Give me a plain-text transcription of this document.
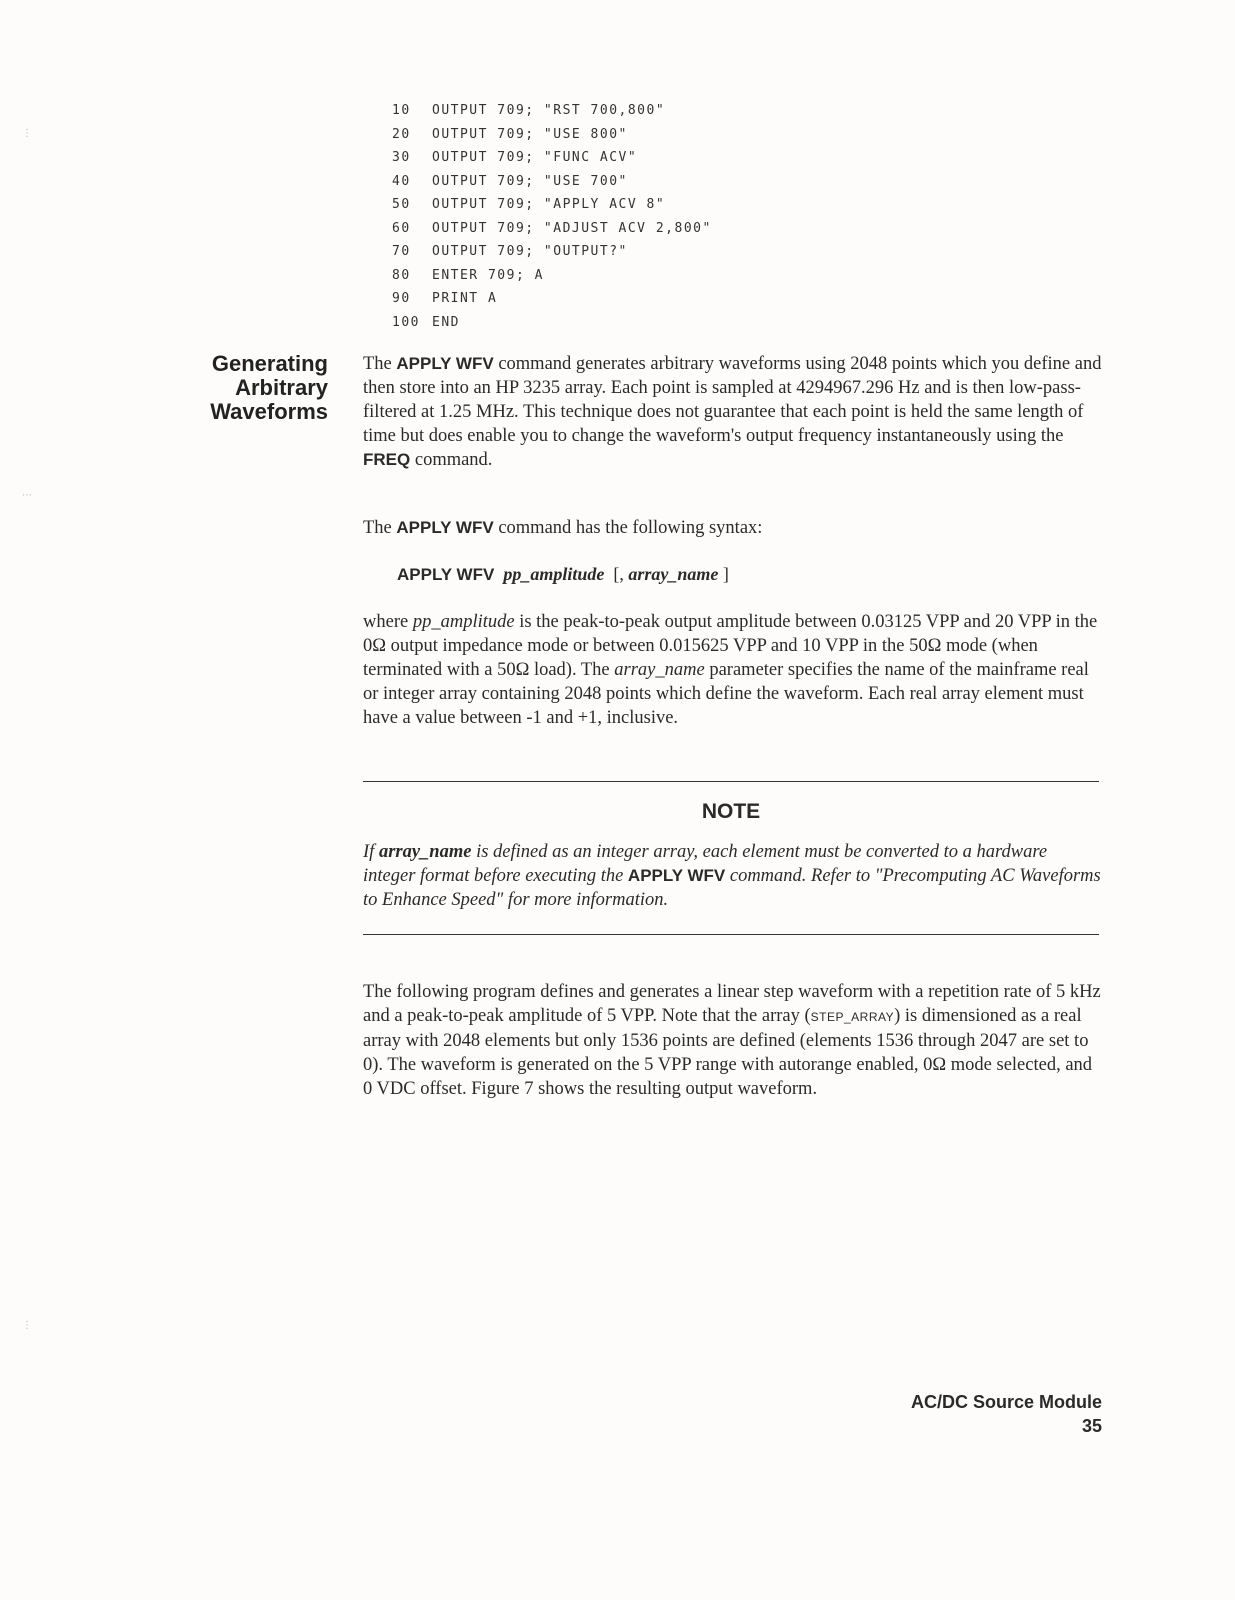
⋮
⋯
⋮
10	OUTPUT 709; "RST 700,800"
20	OUTPUT 709; "USE 800"
30	OUTPUT 709; "FUNC ACV"
40	OUTPUT 709; "USE 700"
50	OUTPUT 709; "APPLY ACV 8"
60	OUTPUT 709; "ADJUST ACV 2,800"
70	OUTPUT 709; "OUTPUT?"
80	ENTER 709; A
90	PRINT A
100 END
Generating
Arbitrary
Waveforms
The APPLY WFV command generates arbitrary waveforms using 2048 points which you define and then store into an HP 3235 array. Each point is sampled at 4294967.296 Hz and is then low-pass-filtered at 1.25 MHz. This technique does not guarantee that each point is held the same length of time but does enable you to change the waveform's output frequency instantaneously using the FREQ command.
The APPLY WFV command has the following syntax:
APPLY WFV pp_amplitude [, array_name ]
where pp_amplitude is the peak-to-peak output amplitude between 0.03125 VPP and 20 VPP in the 0Ω output impedance mode or between 0.015625 VPP and 10 VPP in the 50Ω mode (when terminated with a 50Ω load). The array_name parameter specifies the name of the mainframe real or integer array containing 2048 points which define the waveform. Each real array element must have a value between -1 and +1, inclusive.
NOTE
If array_name is defined as an integer array, each element must be converted to a hardware integer format before executing the APPLY WFV command. Refer to "Precomputing AC Waveforms to Enhance Speed" for more information.
The following program defines and generates a linear step waveform with a repetition rate of 5 kHz and a peak-to-peak amplitude of 5 VPP. Note that the array (STEP_ARRAY) is dimensioned as a real array with 2048 elements but only 1536 points are defined (elements 1536 through 2047 are set to 0). The waveform is generated on the 5 VPP range with autorange enabled, 0Ω mode selected, and 0 VDC offset. Figure 7 shows the resulting output waveform.
AC/DC Source Module
35
